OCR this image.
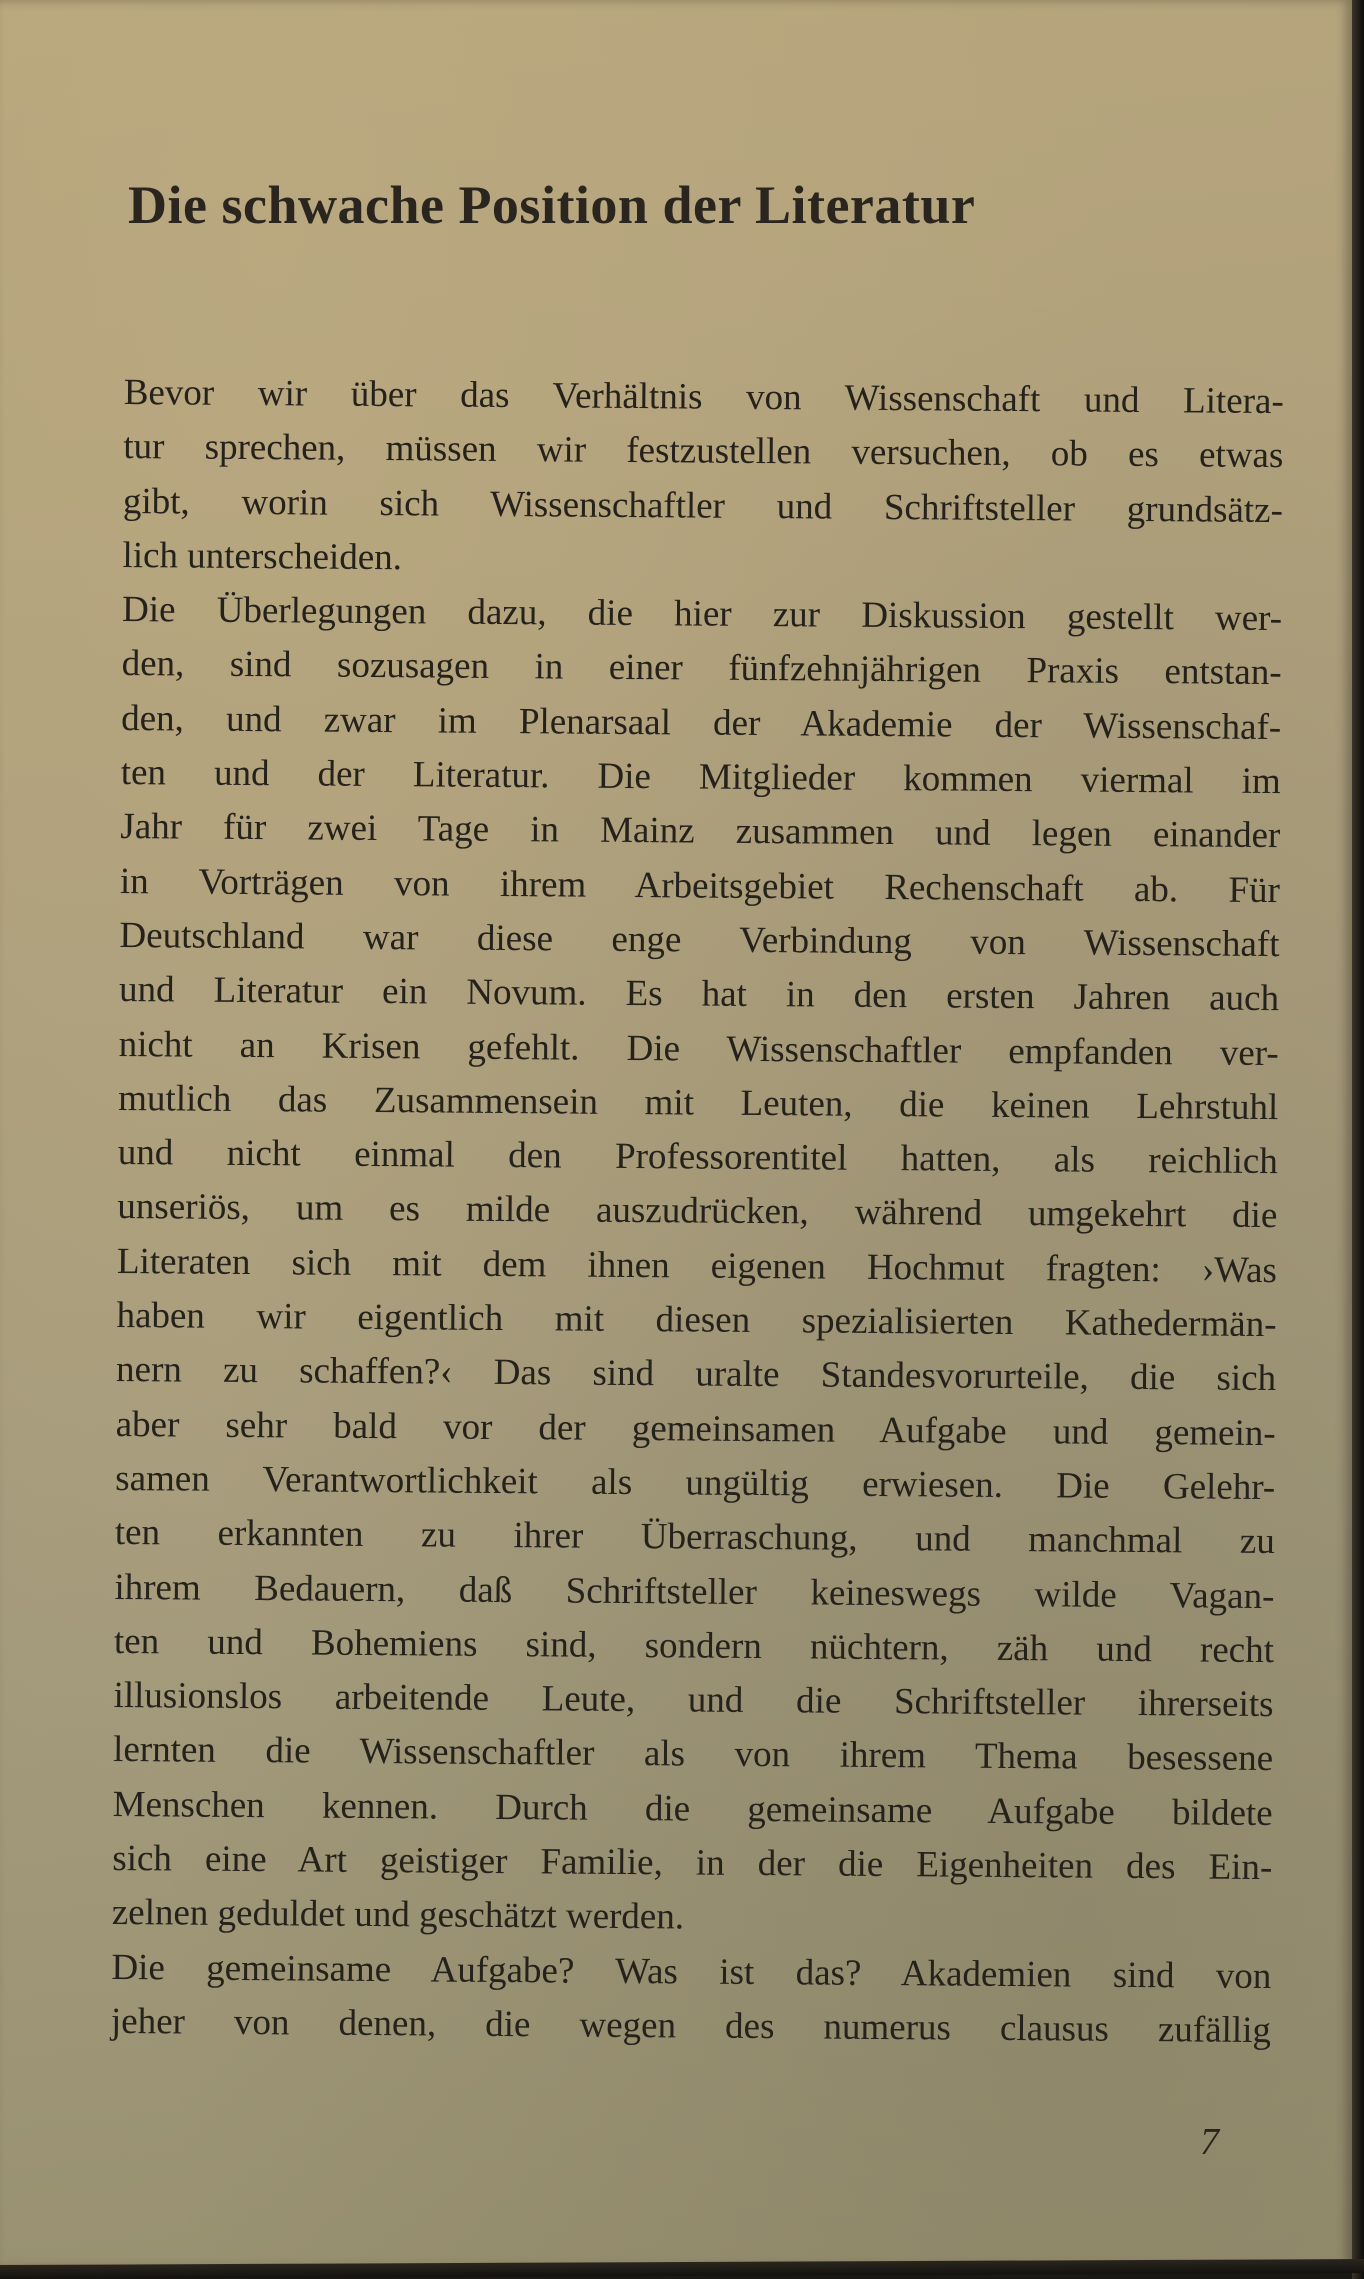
Die schwache Position der Literatur
Bevor wir über das Verhältnis von Wissenschaft und Litera-
tur sprechen, müssen wir festzustellen versuchen, ob es etwas
gibt, worin sich Wissenschaftler und Schriftsteller grundsätz-
lich unterscheiden.
Die Überlegungen dazu, die hier zur Diskussion gestellt wer-
den, sind sozusagen in einer fünfzehnjährigen Praxis entstan-
den, und zwar im Plenarsaal der Akademie der Wissenschaf-
ten und der Literatur. Die Mitglieder kommen viermal im
Jahr für zwei Tage in Mainz zusammen und legen einander
in Vorträgen von ihrem Arbeitsgebiet Rechenschaft ab. Für
Deutschland war diese enge Verbindung von Wissenschaft
und Literatur ein Novum. Es hat in den ersten Jahren auch
nicht an Krisen gefehlt. Die Wissenschaftler empfanden ver-
mutlich das Zusammensein mit Leuten, die keinen Lehrstuhl
und nicht einmal den Professorentitel hatten, als reichlich
unseriös, um es milde auszudrücken, während umgekehrt die
Literaten sich mit dem ihnen eigenen Hochmut fragten: ›Was
haben wir eigentlich mit diesen spezialisierten Kathedermän-
nern zu schaffen?‹ Das sind uralte Standesvorurteile, die sich
aber sehr bald vor der gemeinsamen Aufgabe und gemein-
samen Verantwortlichkeit als ungültig erwiesen. Die Gelehr-
ten erkannten zu ihrer Überraschung, und manchmal zu
ihrem Bedauern, daß Schriftsteller keineswegs wilde Vagan-
ten und Bohemiens sind, sondern nüchtern, zäh und recht
illusionslos arbeitende Leute, und die Schriftsteller ihrerseits
lernten die Wissenschaftler als von ihrem Thema besessene
Menschen kennen. Durch die gemeinsame Aufgabe bildete
sich eine Art geistiger Familie, in der die Eigenheiten des Ein-
zelnen geduldet und geschätzt werden.
Die gemeinsame Aufgabe? Was ist das? Akademien sind von
jeher von denen, die wegen des numerus clausus zufällig
7
